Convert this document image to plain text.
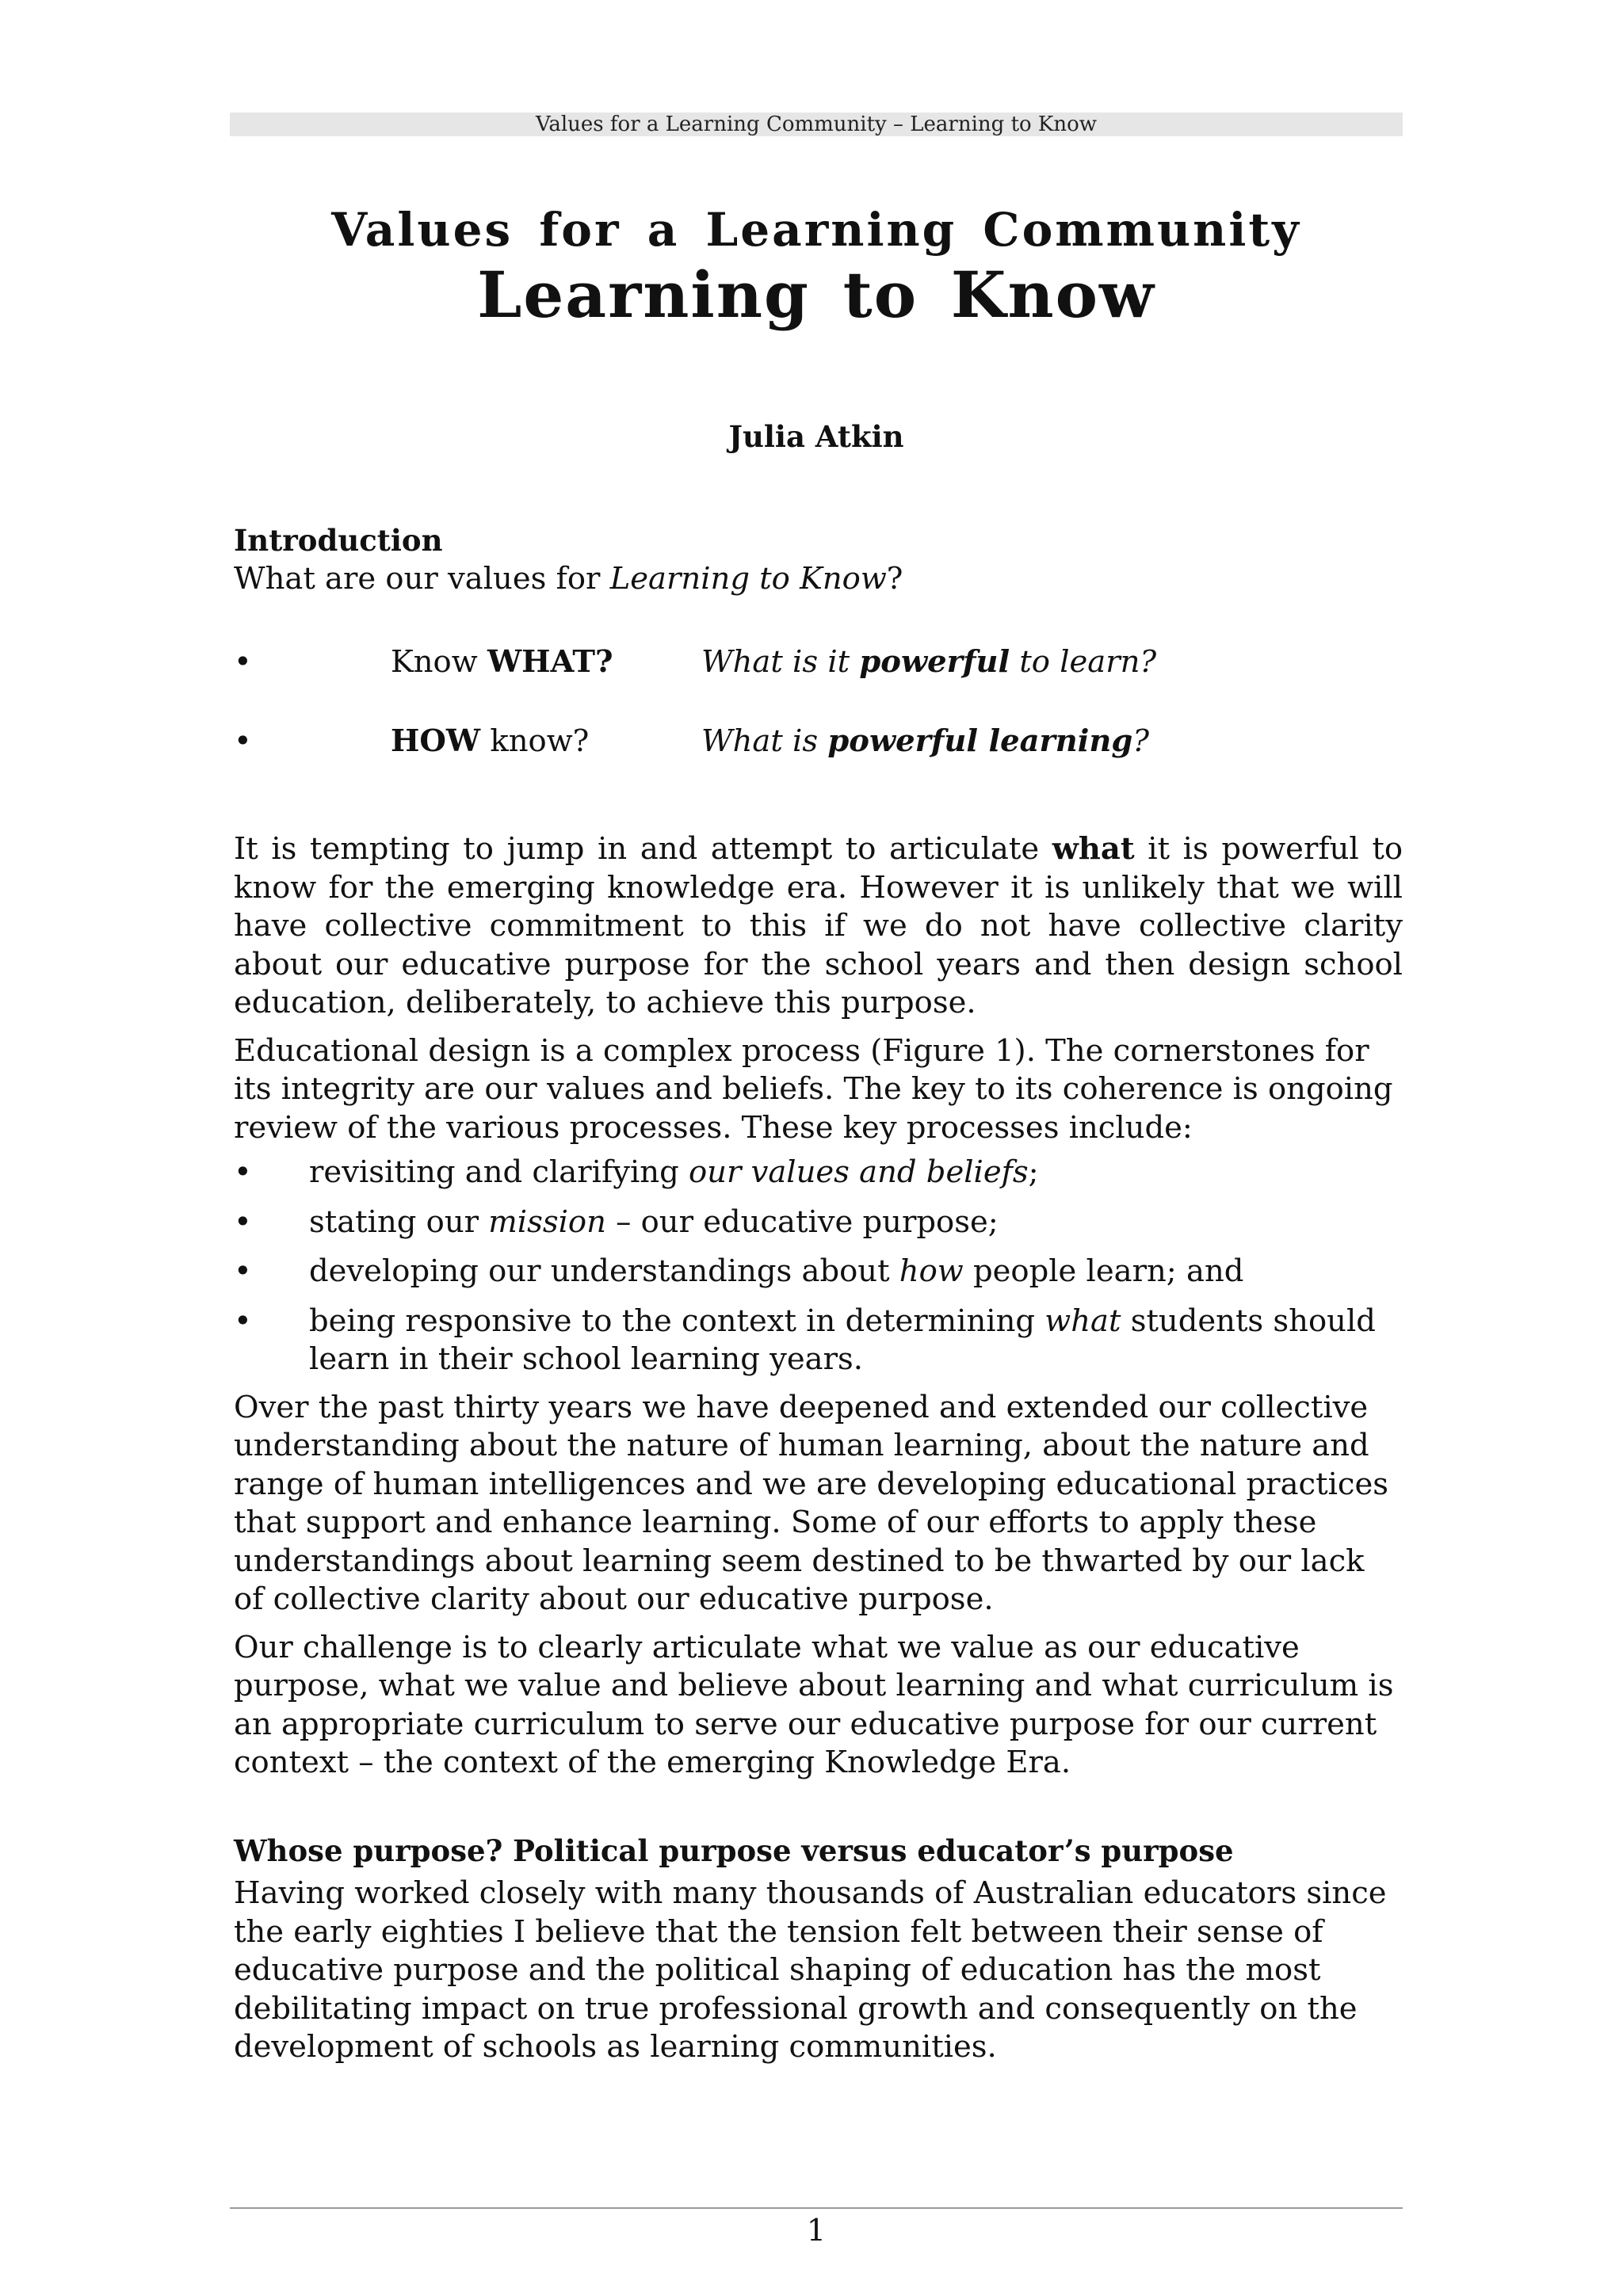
Values for a Learning Community – Learning to Know
Values for a Learning Community
Learning to Know
Julia Atkin

Introduction

What are our values for Learning to Know?

•	Know WHAT?	What is it powerful to learn?
•	HOW know?	What is powerful learning?

It is tempting to jump in and attempt to articulate what it is powerful to know for the emerging knowledge era. However it is unlikely that we will have collective commitment to this if we do not have collective clarity about our educative purpose for the school years and then design school education, deliberately, to achieve this purpose.

Educational design is a complex process (Figure 1). The cornerstones for its integrity are our values and beliefs. The key to its coherence is ongoing review of the various processes. These key processes include:

• revisiting and clarifying our values and beliefs;
• stating our mission – our educative purpose;
• developing our understandings about how people learn; and
• being responsive to the context in determining what students should learn in their school learning years.

Over the past thirty years we have deepened and extended our collective understanding about the nature of human learning, about the nature and range of human intelligences and we are developing educational practices that support and enhance learning. Some of our efforts to apply these understandings about learning seem destined to be thwarted by our lack of collective clarity about our educative purpose.

Our challenge is to clearly articulate what we value as our educative purpose, what we value and believe about learning and what curriculum is an appropriate curriculum to serve our educative purpose for our current context – the context of the emerging Knowledge Era.

Whose purpose? Political purpose versus educator’s purpose

Having worked closely with many thousands of Australian educators since the early eighties I believe that the tension felt between their sense of educative purpose and the political shaping of education has the most debilitating impact on true professional growth and consequently on the development of schools as learning communities.

1
